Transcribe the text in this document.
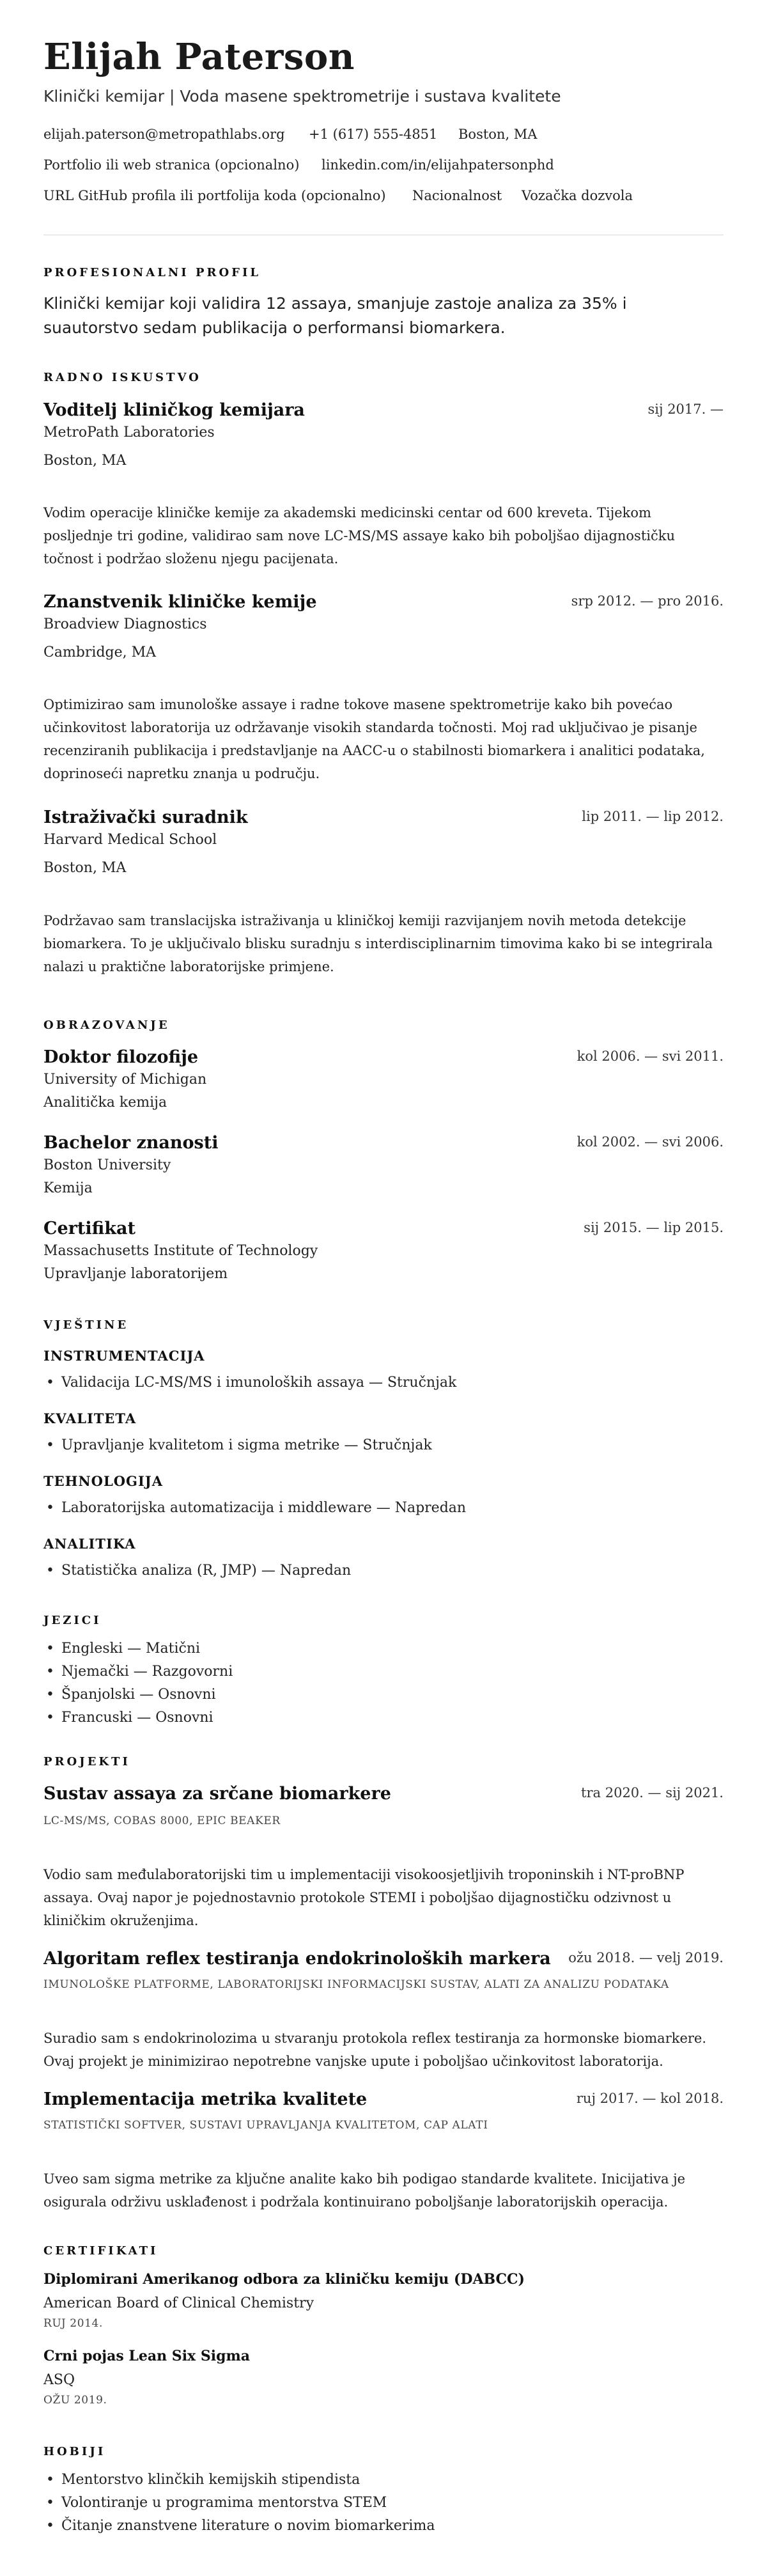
Elijah Paterson
Klinički kemijar | Voda masene spektrometrije i sustava kvalitete
elijah.paterson@metropathlabs.org +1 (617) 555-4851 Boston, MA
Portfolio ili web stranica (opcionalno) linkedin.com/in/elijahpatersonphd
URL GitHub profila ili portfolija koda (opcionalno) Nacionalnost Vozačka dozvola
PROFESIONALNI PROFIL
Klinički kemijar koji validira 12 assaya, smanjuje zastoje analiza za 35% i suautorstvo sedam publikacija o performansi biomarkera.
RADNO ISKUSTVO
Voditelj kliničkog kemijara	sij 2017. —
MetroPath Laboratories
Boston, MA
Vodim operacije kliničke kemije za akademski medicinski centar od 600 kreveta. Tijekom posljednje tri godine, validirao sam nove LC-MS/MS assaye kako bih poboljšao dijagnostičku točnost i podržao složenu njegu pacijenata.
Znanstvenik kliničke kemije	srp 2012. — pro 2016.
Broadview Diagnostics
Cambridge, MA
Optimizirao sam imunološke assaye i radne tokove masene spektrometrije kako bih povećao učinkovitost laboratorija uz održavanje visokih standarda točnosti. Moj rad uključivao je pisanje recenziranih publikacija i predstavljanje na AACC-u o stabilnosti biomarkera i analitici podataka, doprinoseći napretku znanja u području.
Istraživački suradnik	lip 2011. — lip 2012.
Harvard Medical School
Boston, MA
Podržavao sam translacijska istraživanja u kliničkoj kemiji razvijanjem novih metoda detekcije biomarkera. To je uključivalo blisku suradnju s interdisciplinarnim timovima kako bi se integrirala nalazi u praktične laboratorijske primjene.
OBRAZOVANJE
Doktor filozofije	kol 2006. — svi 2011.
University of Michigan
Analitička kemija
Bachelor znanosti	kol 2002. — svi 2006.
Boston University
Kemija
Certifikat	sij 2015. — lip 2015.
Massachusetts Institute of Technology
Upravljanje laboratorijem
VJEŠTINE
INSTRUMENTACIJA
• Validacija LC-MS/MS i imunoloških assaya — Stručnjak
KVALITETA
• Upravljanje kvalitetom i sigma metrike — Stručnjak
TEHNOLOGIJA
• Laboratorijska automatizacija i middleware — Napredan
ANALITIKA
• Statistička analiza (R, JMP) — Napredan
JEZICI
• Engleski — Matični
• Njemački — Razgovorni
• Španjolski — Osnovni
• Francuski — Osnovni
PROJEKTI
Sustav assaya za srčane biomarkere	tra 2020. — sij 2021.
LC-MS/MS, COBAS 8000, EPIC BEAKER
Vodio sam međulaboratorijski tim u implementaciji visokoosjetljivih troponinskih i NT-proBNP assaya. Ovaj napor je pojednostavnio protokole STEMI i poboljšao dijagnostičku odzivnost u kliničkim okruženjima.
Algoritam reflex testiranja endokrinoloških markera ožu 2018. — velj 2019.
IMUNOLOŠKE PLATFORME, LABORATORIJSKI INFORMACIJSKI SUSTAV, ALATI ZA ANALIZU PODATAKA
Suradio sam s endokrinolozima u stvaranju protokola reflex testiranja za hormonske biomarkere. Ovaj projekt je minimizirao nepotrebne vanjske upute i poboljšao učinkovitost laboratorija.
Implementacija metrika kvalitete	ruj 2017. — kol 2018.
STATISTIČKI SOFTVER, SUSTAVI UPRAVLJANJA KVALITETOM, CAP ALATI
Uveo sam sigma metrike za ključne analite kako bih podigao standarde kvalitete. Inicijativa je osigurala održivu usklađenost i podržala kontinuirano poboljšanje laboratorijskih operacija.
CERTIFIKATI
Diplomirani Amerikanog odbora za kliničku kemiju (DABCC)
American Board of Clinical Chemistry
RUJ 2014.
Crni pojas Lean Six Sigma
ASQ
OŽU 2019.
HOBIJI
• Mentorstvo klinčkih kemijskih stipendista
• Volontiranje u programima mentorstva STEM
• Čitanje znanstvene literature o novim biomarkerima
